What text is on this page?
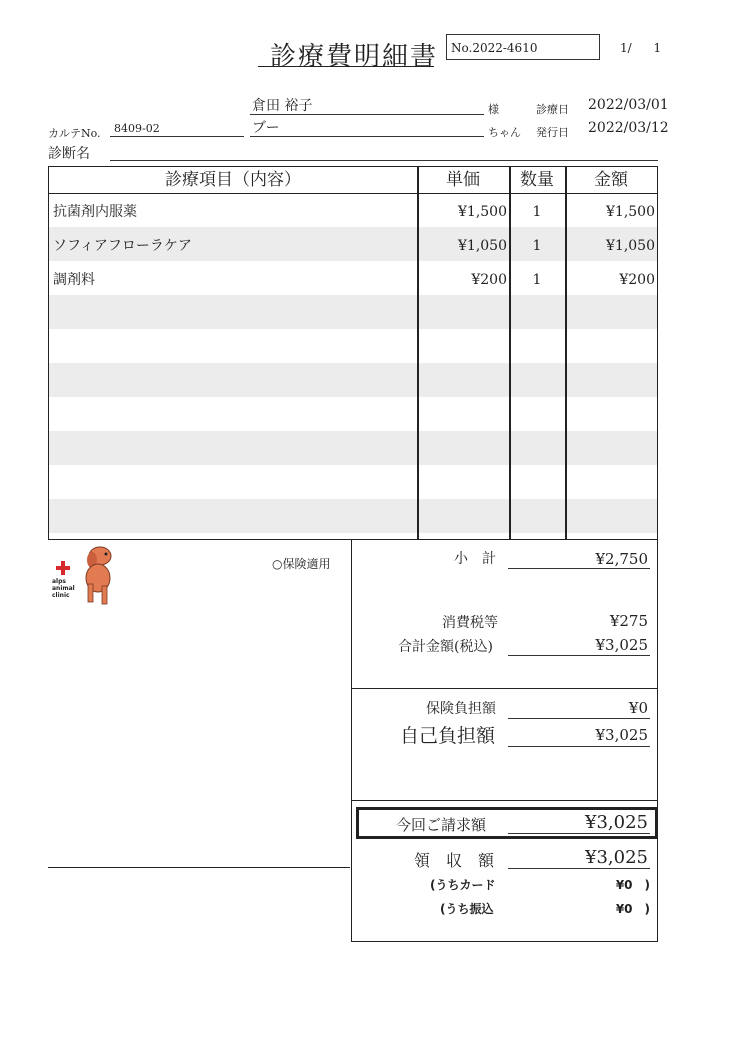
診療費明細書	No.2022-4610	1/ 1
倉田 裕子	様	診療日 2022/03/01
カルテNo. 8409-02	ブー	ちゃん 発行日 2022/03/12
診断名
診療項目（内容）	単価	数量	金額
抗菌剤内服薬	¥1,500	1	¥1,500
ソフィアフローラケア	¥1,050	1	¥1,050
調剤料	¥200	1	¥200
alps
animal
clinic
○保険適用	小　計	¥2,750
消費税等	¥275
合計金額(税込)	¥3,025
保険負担額	¥0
自己負担額	¥3,025
今回ご請求額	¥3,025
領　収　額	¥3,025
(うちカード	¥0　)
(うち振込	¥0　)
